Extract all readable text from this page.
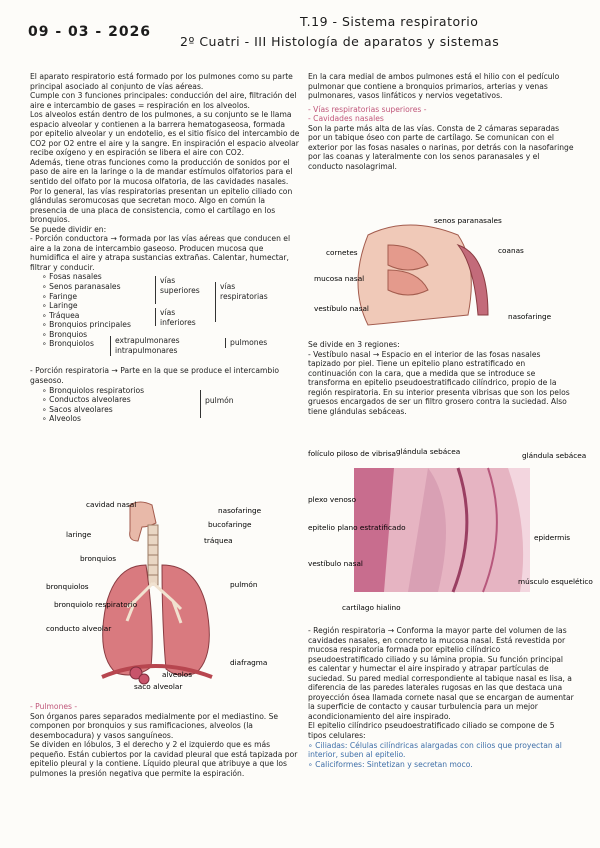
09 - 03 - 2026
T.19 - Sistema respiratorio
2º Cuatri - III Histología de aparatos y sistemas

El aparato respiratorio está formado por los pulmones como su parte principal asociado al conjunto de vías aéreas.

Cumple con 3 funciones principales: conducción del aire, filtración del aire e intercambio de gases = respiración en los alveolos.

Los alveolos están dentro de los pulmones, a su conjunto se le llama espacio alveolar y contienen a la barrera hematogaseosa, formada por epitelio alveolar y un endotelio, es el sitio físico del intercambio de CO2 por O2 entre el aire y la sangre. En inspiración el espacio alveolar recibe oxígeno y en espiración se libera el aire con CO2.

Además, tiene otras funciones como la producción de sonidos por el paso de aire en la laringe o la de mandar estímulos olfatorios para el sentido del olfato por la mucosa olfatoria, de las cavidades nasales.

Por lo general, las vías respiratorias presentan un epitelio ciliado con glándulas seromucosas que secretan moco. Algo en común la presencia de una placa de consistencia, como el cartílago en los bronquios.

Se puede dividir en:

- Porción conductora → formada por las vías aéreas que conducen el aire a la zona de intercambio gaseoso. Producen mucosa que humidifica el aire y atrapa sustancias extrañas. Calentar, humectar, filtrar y conducir.

∘ Fosas nasales
∘ Senos paranasales
∘ Faringe
∘ Laringe
∘ Tráquea
∘ Bronquios principales
∘ Bronquios
∘ Bronquiolos
vías superiores
vías inferiores
vías respiratorias
extrapulmonares
intrapulmonares
pulmones

- Porción respiratoria → Parte en la que se produce el intercambio gaseoso.

∘ Bronquiolos respiratorios
∘ Conductos alveolares
∘ Sacos alveolares
∘ Alveolos
pulmón
cavidad nasal
nasofaringe
bucofaringe
laringe
tráquea
bronquios
bronquiolos
bronquiolo respiratorio
conducto alveolar
saco alveolar
alveolos
diafragma
pulmón

- Pulmones -

Son órganos pares separados medialmente por el mediastino. Se componen por bronquios y sus ramificaciones, alveolos (la desembocadura) y vasos sanguíneos.

Se dividen en lóbulos, 3 el derecho y 2 el izquierdo que es más pequeño. Están cubiertos por la cavidad pleural que está tapizada por epitelio pleural y la contiene. Líquido pleural que atribuye a que los pulmones la presión negativa que permite la espiración.

En la cara medial de ambos pulmones está el hilio con el pedículo pulmonar que contiene a bronquios primarios, arterias y venas pulmonares, vasos linfáticos y nervios vegetativos.

- Vías respiratorias superiores -

- Cavidades nasales

Son la parte más alta de las vías. Consta de 2 cámaras separadas por un tabique óseo con parte de cartílago. Se comunican con el exterior por las fosas nasales o narinas, por detrás con la nasofaringe por las coanas y lateralmente con los senos paranasales y el conducto nasolagrimal.

senos paranasales
cornetes	coanas
mucosa nasal
vestíbulo nasal
nasofaringe

Se divide en 3 regiones:

- Vestíbulo nasal → Espacio en el interior de las fosas nasales tapizado por piel. Tiene un epitelio plano estratificado en continuación con la cara, que a medida que se introduce se transforma en epitelio pseudoestratificado cilíndrico, propio de la región respiratoria. En su interior presenta vibrisas que son los pelos gruesos encargados de ser un filtro grosero contra la suciedad. Also tiene glándulas sebáceas.

folículo piloso de vibrisa glándula sebácea	glándula sebácea
plexo venoso
epitelio plano estratificado
epidermis
vestíbulo nasal
músculo esquelético
cartílago hialino

- Región respiratoria → Conforma la mayor parte del volumen de las cavidades nasales, en concreto la mucosa nasal. Está revestida por mucosa respiratoria formada por epitelio cilíndrico pseudoestratificado ciliado y su lámina propia. Su función principal es calentar y humectar el aire inspirado y atrapar partículas de suciedad. Su pared medial correspondiente al tabique nasal es lisa, a diferencia de las paredes laterales rugosas en las que destaca una proyección ósea llamada cornete nasal que se encargan de aumentar la superficie de contacto y causar turbulencia para un mejor acondicionamiento del aire inspirado.

El epitelio cilíndrico pseudoestratificado ciliado se compone de 5 tipos celulares:

∘ Ciliadas: Células cilíndricas alargadas con cilios que proyectan al interior, suben al epitelio.

∘ Caliciformes: Sintetizan y secretan moco.
